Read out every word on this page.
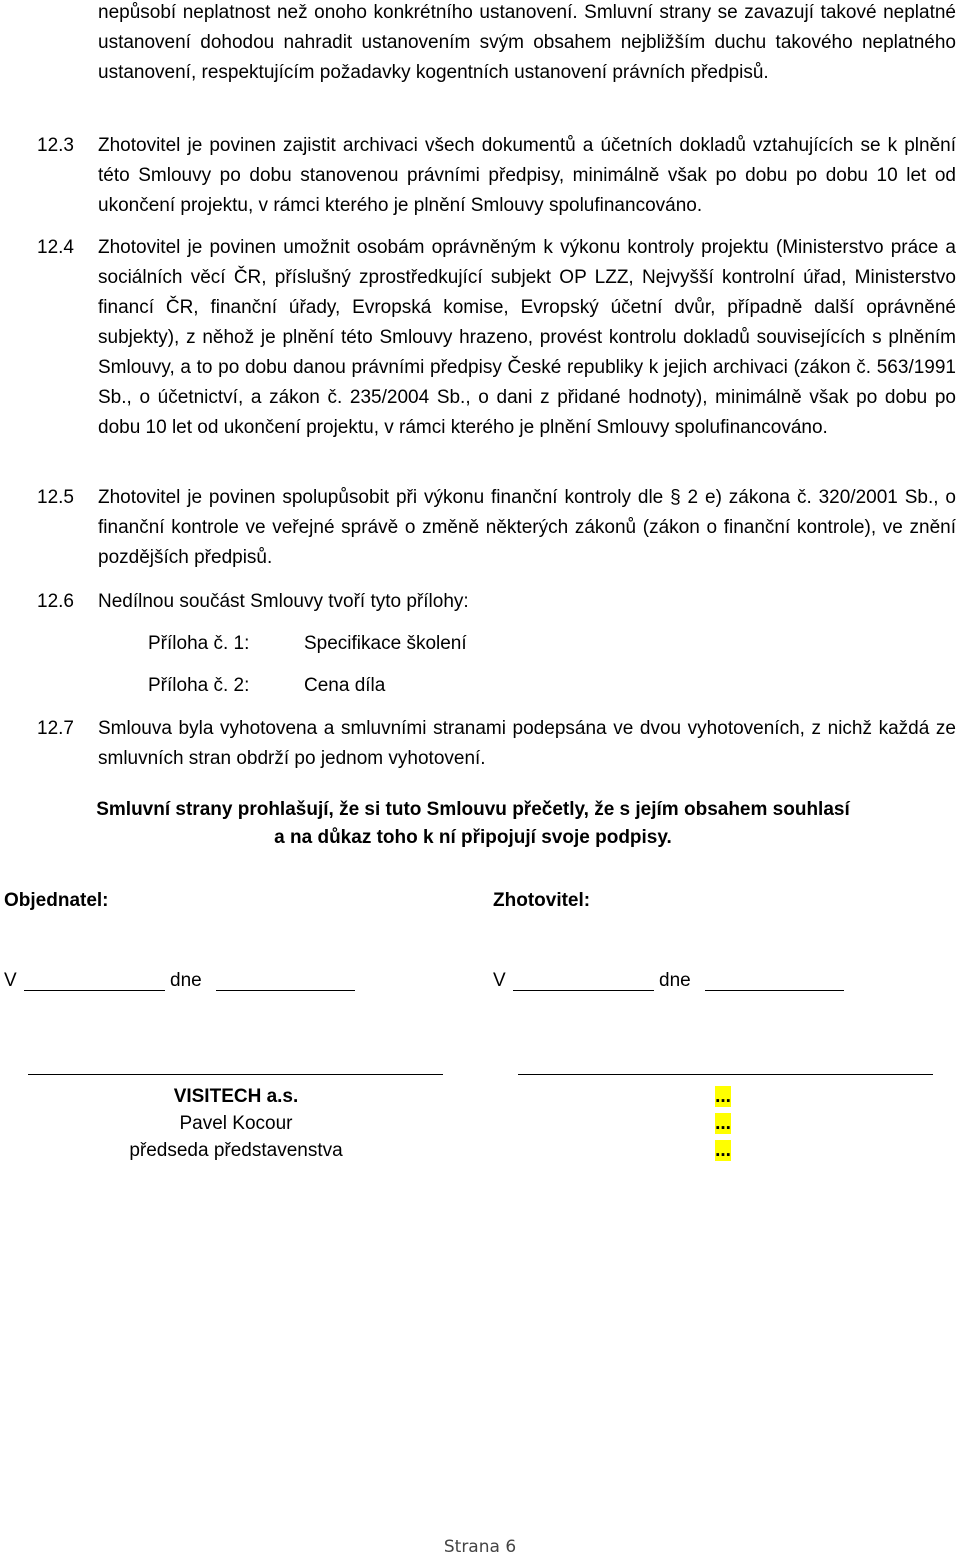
nepůsobí neplatnost než onoho konkrétního ustanovení. Smluvní strany se zavazují takové neplatné ustanovení dohodou nahradit ustanovením svým obsahem nejbližším duchu takového neplatného ustanovení, respektujícím požadavky kogentních ustanovení právních předpisů.
12.3 Zhotovitel je povinen zajistit archivaci všech dokumentů a účetních dokladů vztahujících se k plnění této Smlouvy po dobu stanovenou právními předpisy, minimálně však po dobu po dobu 10 let od ukončení projektu, v rámci kterého je plnění Smlouvy spolufinancováno.
12.4 Zhotovitel je povinen umožnit osobám oprávněným k výkonu kontroly projektu (Ministerstvo práce a sociálních věcí ČR, příslušný zprostředkující subjekt OP LZZ, Nejvyšší kontrolní úřad, Ministerstvo financí ČR, finanční úřady, Evropská komise, Evropský účetní dvůr, případně další oprávněné subjekty), z něhož je plnění této Smlouvy hrazeno, provést kontrolu dokladů souvisejících s plněním Smlouvy, a to po dobu danou právními předpisy České republiky k jejich archivaci (zákon č. 563/1991 Sb., o účetnictví, a zákon č. 235/2004 Sb., o dani z přidané hodnoty), minimálně však po dobu po dobu 10 let od ukončení projektu, v rámci kterého je plnění Smlouvy spolufinancováno.
12.5 Zhotovitel je povinen spolupůsobit při výkonu finanční kontroly dle § 2 e) zákona č. 320/2001 Sb., o finanční kontrole ve veřejné správě o změně některých zákonů (zákon o finanční kontrole), ve znění pozdějších předpisů.
12.6 Nedílnou součást Smlouvy tvoří tyto přílohy:
Příloha č. 1:	Specifikace školení
Příloha č. 2:	Cena díla
12.7 Smlouva byla vyhotovena a smluvními stranami podepsána ve dvou vyhotoveních, z nichž každá ze smluvních stran obdrží po jednom vyhotovení.
Smluvní strany prohlašují, že si tuto Smlouvu přečetly, že s jejím obsahem souhlasí
a na důkaz toho k ní připojují svoje podpisy.
Objednatel:	Zhotovitel:
V	dne	V	dne
VISITECH a.s.
Pavel Kocour
předseda představenstva
...
...
...
Strana 6
